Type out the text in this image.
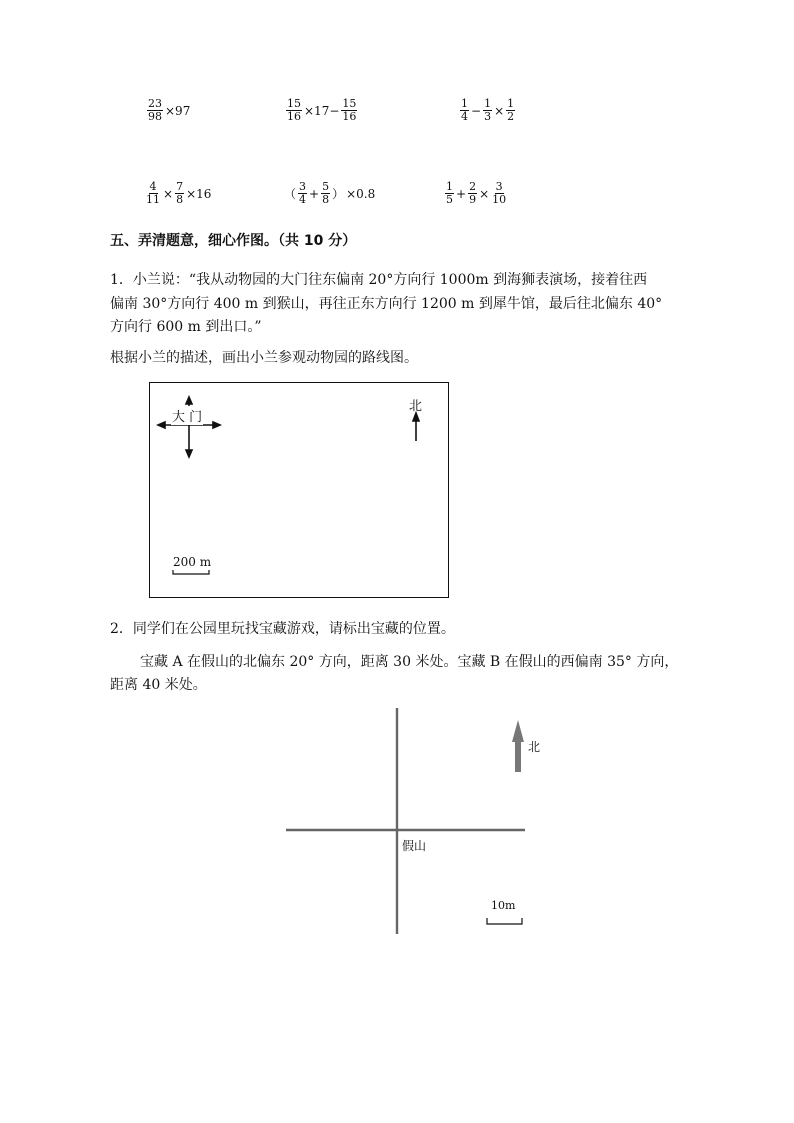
$\frac{23}{98} \times 97$	$\frac{15}{16} \times 17- \frac{15}{16}$	$\frac{1}{4} - \frac{1}{3} \times \frac{1}{2}$
$\frac{4}{11} \times \frac{7}{8} \times 16$	（ $\frac{3}{4} + \frac{5}{8}$ ） ×0.8	$\frac{1}{5} + \frac{2}{9} \times \frac{3}{10}$
五、弄清题意，细心作图。（共 10 分）
1．小兰说：“我从动物园的大门往东偏南 20°方向行 1000m 到海狮表演场，接着往西
偏南 30°方向行 400 m 到猴山，再往正东方向行 1200 m 到犀牛馆，最后往北偏东 40°
方向行 600 m 到出口。”
根据小兰的描述，画出小兰参观动物园的路线图。
大 门
北
200 m
2．同学们在公园里玩找宝藏游戏，请标出宝藏的位置。
宝藏 A 在假山的北偏东 20° 方向，距离 30 米处。宝藏 B 在假山的西偏南 35° 方向，
距离 40 米处。
北
假山
10m
